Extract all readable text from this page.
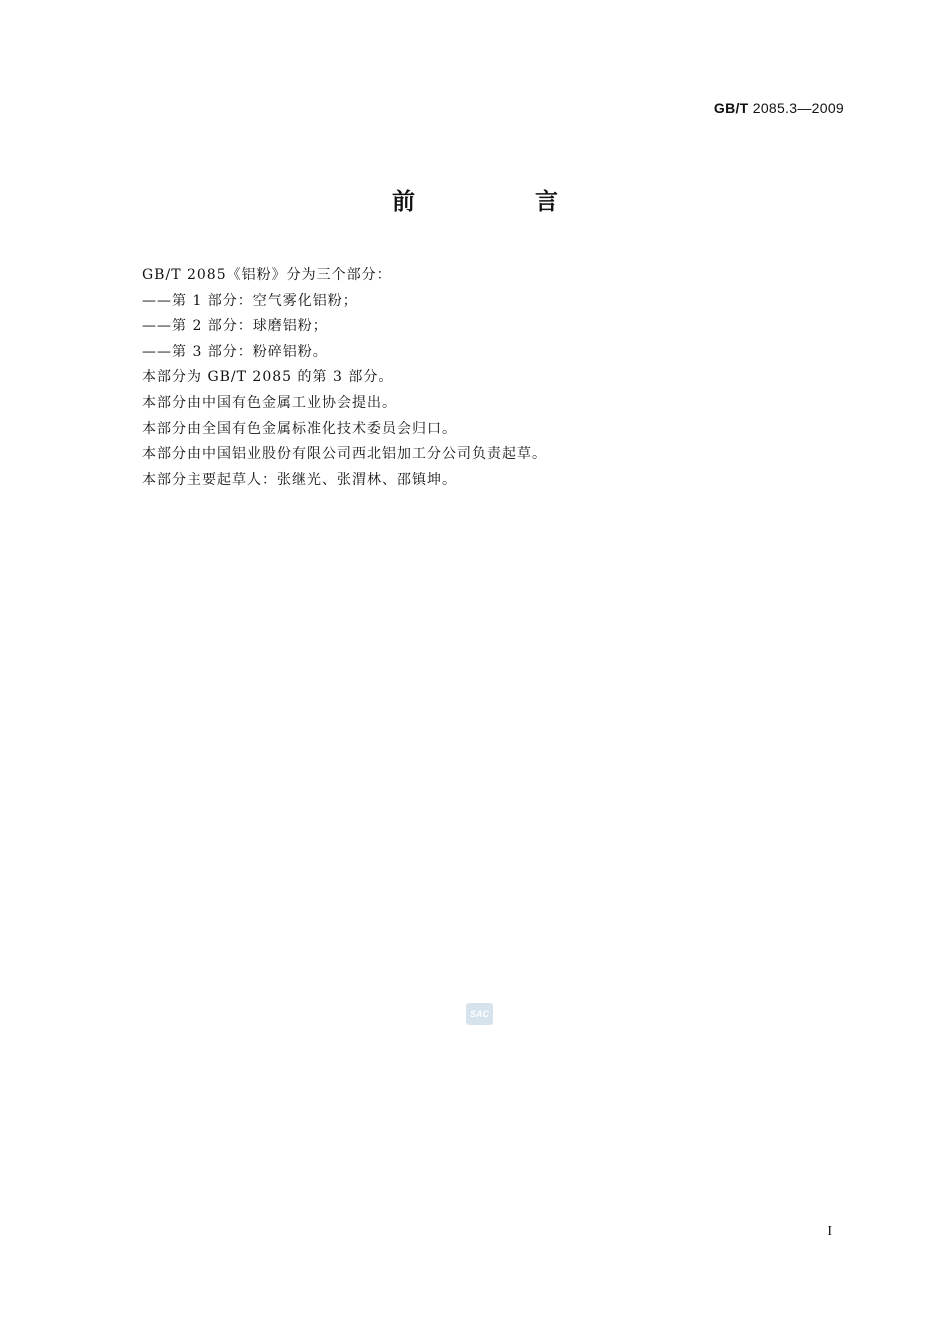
GB/T 2085.3—2009
前 言
GB/T 2085《铝粉》分为三个部分：
——第 1 部分：空气雾化铝粉；
——第 2 部分：球磨铝粉；
——第 3 部分：粉碎铝粉。
本部分为 GB/T 2085 的第 3 部分。
本部分由中国有色金属工业协会提出。
本部分由全国有色金属标准化技术委员会归口。
本部分由中国铝业股份有限公司西北铝加工分公司负责起草。
本部分主要起草人：张继光、张渭林、邵镇坤。
SAC
I
